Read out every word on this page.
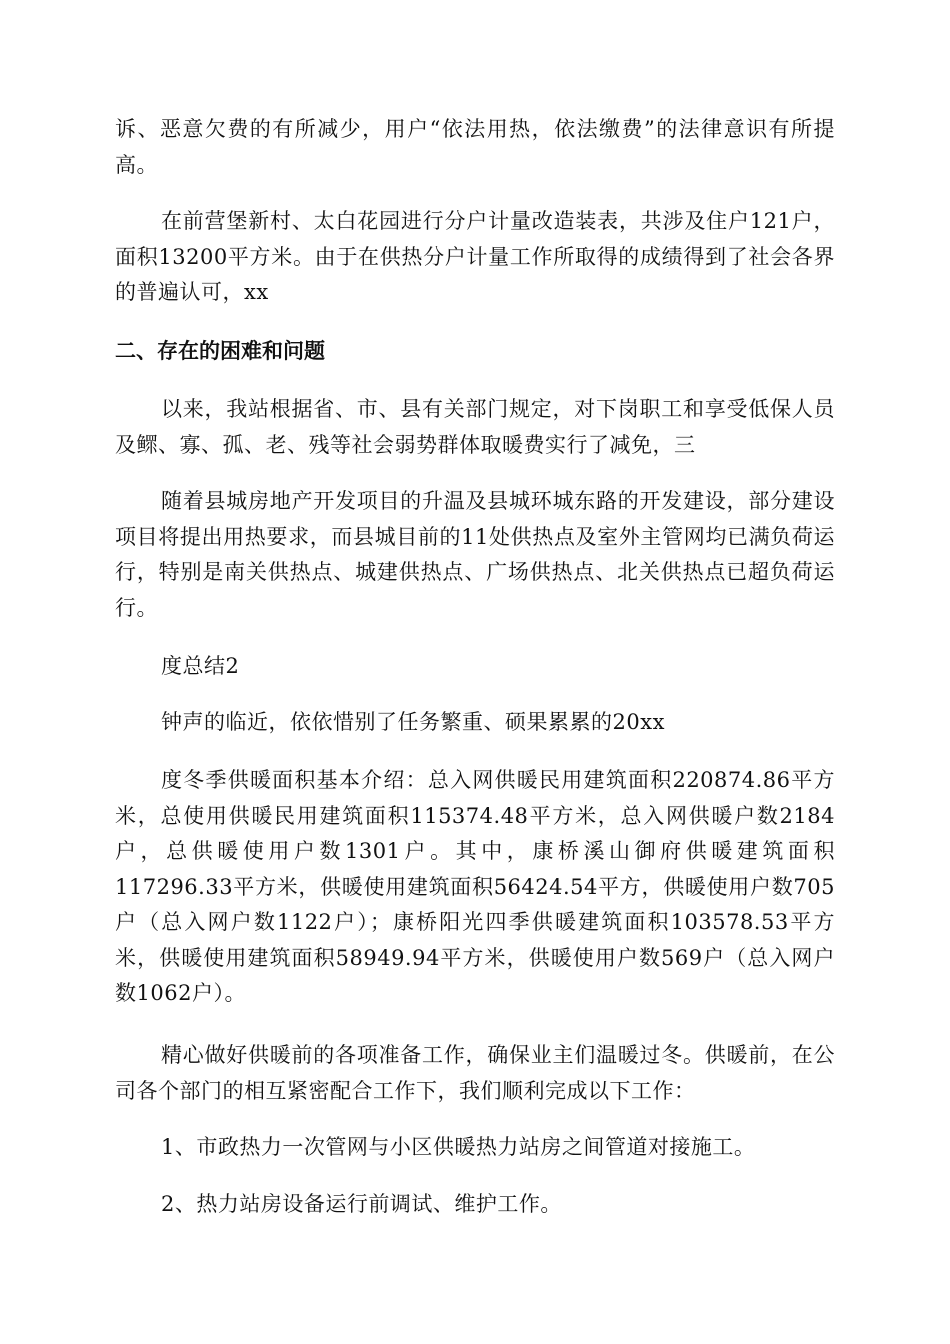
诉、恶意欠费的有所减少，用户“依法用热，依法缴费”的法律意识有所提高。

在前营堡新村、太白花园进行分户计量改造装表，共涉及住户121户，面积13200平方米。由于在供热分户计量工作所取得的成绩得到了社会各界的普遍认可，xx

二、存在的困难和问题

以来，我站根据省、市、县有关部门规定，对下岗职工和享受低保人员及鳏、寡、孤、老、残等社会弱势群体取暖费实行了减免，三

随着县城房地产开发项目的升温及县城环城东路的开发建设，部分建设项目将提出用热要求，而县城目前的11处供热点及室外主管网均已满负荷运行，特别是南关供热点、城建供热点、广场供热点、北关供热点已超负荷运行。

度总结2

钟声的临近，依依惜别了任务繁重、硕果累累的20xx

度冬季供暖面积基本介绍：总入网供暖民用建筑面积220874.86平方米，总使用供暖民用建筑面积115374.48平方米，总入网供暖户数2184户，总供暖使用户数1301户。其中，康桥溪山御府供暖建筑面积117296.33平方米，供暖使用建筑面积56424.54平方，供暖使用户数705户（总入网户数1122户）；康桥阳光四季供暖建筑面积103578.53平方米，供暖使用建筑面积58949.94平方米，供暖使用户数569户（总入网户数1062户）。

精心做好供暖前的各项准备工作，确保业主们温暖过冬。供暖前，在公司各个部门的相互紧密配合工作下，我们顺利完成以下工作：

1、市政热力一次管网与小区供暖热力站房之间管道对接施工。

2、热力站房设备运行前调试、维护工作。
